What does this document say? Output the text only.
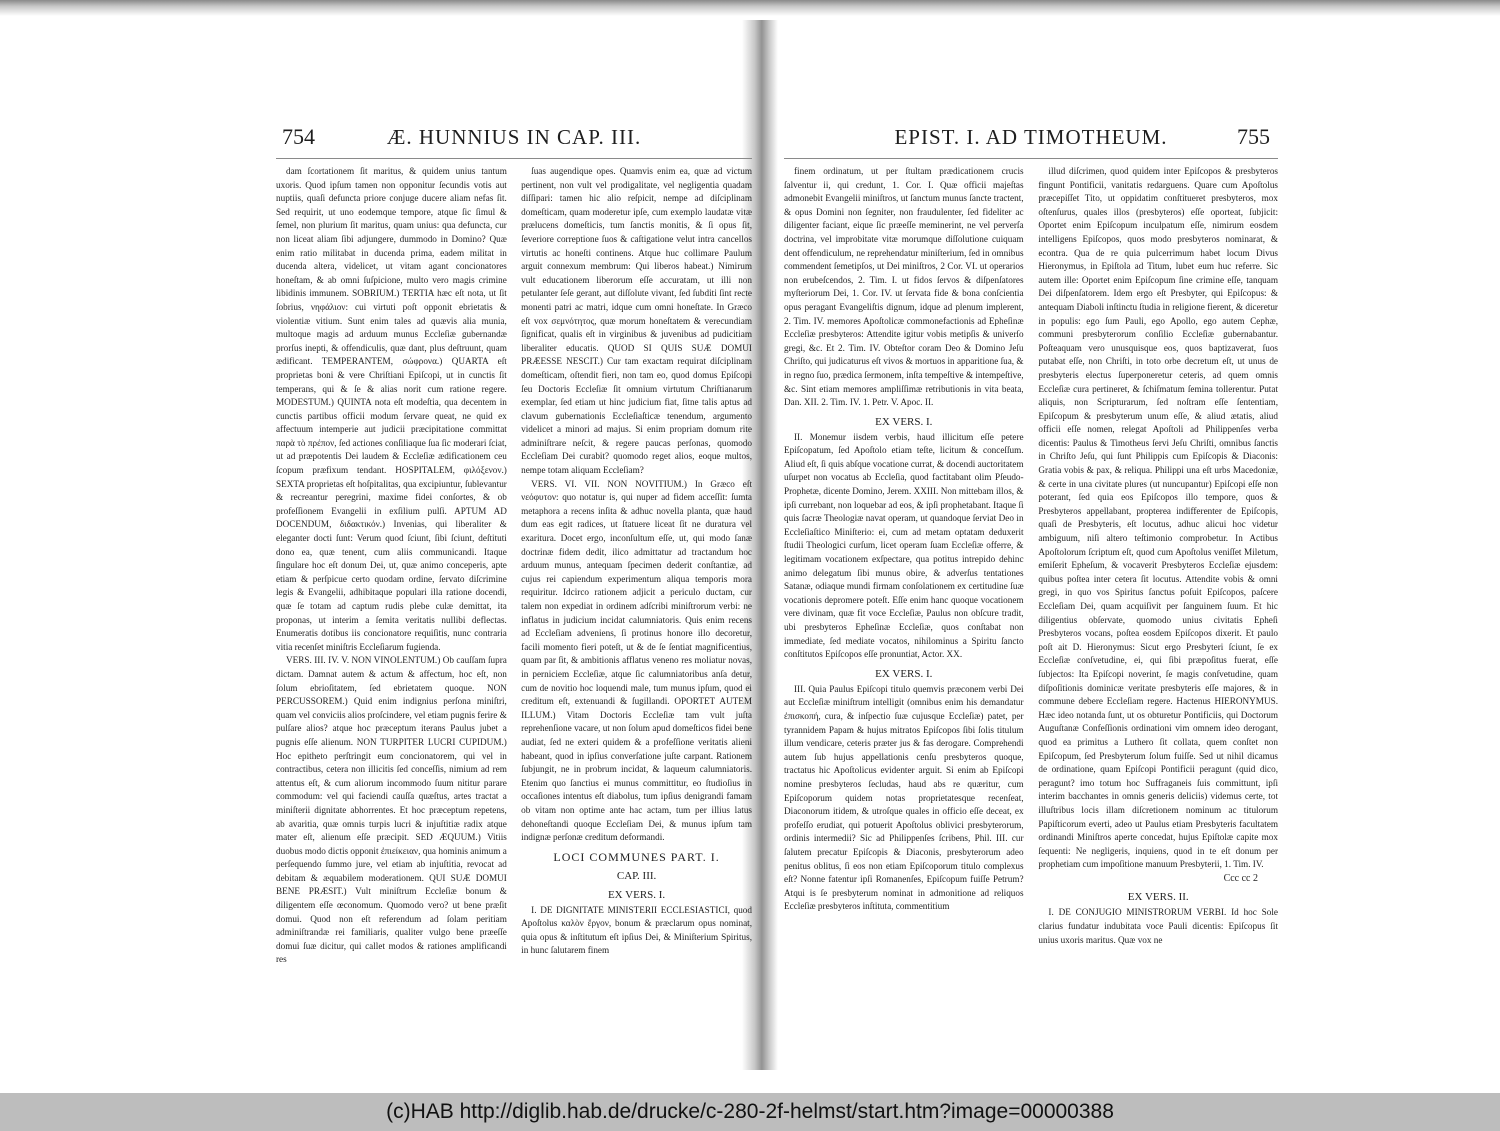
754	Æ. HUNNIUS IN CAP. III.

dam ſcortationem ſit maritus, & quidem unius tantum uxoris. Quod ipſum tamen non opponitur ſecundis votis aut nuptiis, quaſi defuncta priore conjuge ducere aliam nefas ſit. Sed requirit, ut uno eodemque tempore, atque ſic ſimul & ſemel, non plurium ſit maritus, quam unius: qua defuncta, cur non liceat aliam ſibi adjungere, dummodo in Domino? Quæ enim ratio militabat in ducenda prima, eadem militat in ducenda altera, videlicet, ut vitam agant concionatores honeſtam, & ab omni ſuſpicione, multo vero magis crimine libidinis immunem. SOBRIUM.) TERTIA hæc eſt nota, ut ſit ſobrius, νηφάλιον: cui virtuti poſt opponit ebrietatis & violentiæ vitium. Sunt enim tales ad quævis alia munia, multoque magis ad arduum munus Eccleſiæ gubernandæ prorſus inepti, & offendiculis, quæ dant, plus deſtruunt, quam ædificant. TEMPERANTEM, σώφρονα.) QUARTA eſt proprietas boni & vere Chriſtiani Epiſcopi, ut in cunctis ſit temperans, qui & ſe & alias norit cum ratione regere. MODESTUM.) QUINTA nota eſt modeſtia, qua decentem in cunctis partibus officii modum ſervare queat, ne quid ex affectuum intemperie aut judicii præcipitatione committat παρὰ τὸ πρέπον, ſed actiones conſiliaque ſua ſic moderari ſciat, ut ad præpotentis Dei laudem & Eccleſiæ ædificationem ceu ſcopum præfixum tendant. HOSPITALEM, φιλόξενον.) SEXTA proprietas eſt hoſpitalitas, qua excipiuntur, ſublevantur & recreantur peregrini, maxime fidei conſortes, & ob profeſſionem Evangelii in exſilium pulſi. APTUM AD DOCENDUM, διδακτικόν.) Invenias, qui liberaliter & eleganter docti ſunt: Verum quod ſciunt, ſibi ſciunt, deſtituti dono ea, quæ tenent, cum aliis communicandi. Itaque ſingulare hoc eſt donum Dei, ut, quæ animo conceperis, apte etiam & perſpicue certo quodam ordine, ſervato diſcrimine legis & Evangelii, adhibitaque populari illa ratione docendi, quæ ſe totam ad captum rudis plebe culæ demittat, ita proponas, ut interim a ſemita veritatis nullibi deflectas. Enumeratis dotibus iis concionatore requiſitis, nunc contraria vitia recenſet miniſtris Eccleſiarum fugienda.

VERS. III. IV. V. NON VINOLENTUM.) Ob cauſſam ſupra dictam. Damnat autem & actum & affectum, hoc eſt, non ſolum ebrioſitatem, ſed ebrietatem quoque. NON PERCUSSOREM.) Quid enim indignius perſona miniſtri, quam vel conviciis alios proſcindere, vel etiam pugnis ferire & pulſare alios? atque hoc præceptum iterans Paulus jubet a pugnis eſſe alienum. NON TURPITER LUCRI CUPIDUM.) Hoc epitheto perſtringit eum concionatorem, qui vel in contractibus, cetera non illicitis ſed conceſſis, nimium ad rem attentus eſt, & cum aliorum incommodo ſuum nititur parare commodum: vel qui faciendi cauſſa quæſtus, artes tractat a miniſterii dignitate abhorrentes. Et hoc præceptum repetens, ab avaritia, quæ omnis turpis lucri & injuſtitiæ radix atque mater eſt, alienum eſſe præcipit. SED ÆQUUM.) Vitiis duobus modo dictis opponit ἐπιείκειαν, qua hominis animum a perſequendo ſummo jure, vel etiam ab injuſtitia, revocat ad debitam & æquabilem moderationem. QUI SUÆ DOMUI BENE PRÆSIT.) Vult miniſtrum Eccleſiæ bonum & diligentem eſſe œconomum. Quomodo vero? ut bene præſit domui. Quod non eſt referendum ad ſolam peritiam adminiſtrandæ rei familiaris, qualiter vulgo bene præeſſe domui ſuæ dicitur, qui callet modos & rationes amplificandi res

ſuas augendique opes. Quamvis enim ea, quæ ad victum pertinent, non vult vel prodigalitate, vel negligentia quadam diſſipari: tamen hic alio reſpicit, nempe ad diſciplinam domeſticam, quam moderetur ipſe, cum exemplo laudatæ vitæ prælucens domeſticis, tum ſanctis monitis, & ſi opus ſit, ſeveriore correptione ſuos & caſtigatione velut intra cancellos virtutis ac honeſti continens. Atque huc collimare Paulum arguit connexum membrum: Qui liberos habeat.) Nimirum vult educationem liberorum eſſe accuratam, ut illi non petulanter ſeſe gerant, aut diſſolute vivant, ſed ſubditi ſint recte monenti patri ac matri, idque cum omni honeſtate. In Græco eſt vox σεμνότητος, quæ morum honeſtatem & verecundiam ſignificat, qualis eſt in virginibus & juvenibus ad pudicitiam liberaliter educatis. QUOD SI QUIS SUÆ DOMUI PRÆESSE NESCIT.) Cur tam exactam requirat diſciplinam domeſticam, oſtendit fieri, non tam eo, quod domus Epiſcopi ſeu Doctoris Eccleſiæ ſit omnium virtutum Chriſtianarum exemplar, ſed etiam ut hinc judicium fiat, ſitne talis aptus ad clavum gubernationis Eccleſiaſticæ tenendum, argumento videlicet a minori ad majus. Si enim propriam domum rite adminiſtrare neſcit, & regere paucas perſonas, quomodo Eccleſiam Dei curabit? quomodo reget alios, eoque multos, nempe totam aliquam Eccleſiam?

VERS. VI. VII. NON NOVITIUM.) In Græco eſt νεόφυτον: quo notatur is, qui nuper ad fidem acceſſit: ſumta metaphora a recens inſita & adhuc novella planta, quæ haud dum eas egit radices, ut ſtatuere liceat ſit ne duratura vel exaritura. Docet ergo, inconſultum eſſe, ut, qui modo ſanæ doctrinæ fidem dedit, ilico admittatur ad tractandum hoc arduum munus, antequam ſpecimen dederit conſtantiæ, ad cujus rei capiendum experimentum aliqua temporis mora requiritur. Idcirco rationem adjicit a periculo ductam, cur talem non expediat in ordinem adſcribi miniſtrorum verbi: ne inflatus in judicium incidat calumniatoris. Quis enim recens ad Eccleſiam adveniens, ſi protinus honore illo decoretur, facili momento fieri poteſt, ut & de ſe ſentiat magnificentius, quam par ſit, & ambitionis afflatus veneno res moliatur novas, in perniciem Eccleſiæ, atque ſic calumniatoribus anſa detur, cum de novitio hoc loquendi male, tum munus ipſum, quod ei creditum eſt, extenuandi & ſugillandi. OPORTET AUTEM ILLUM.) Vitam Doctoris Eccleſiæ tam vult juſta reprehenſione vacare, ut non ſolum apud domeſticos fidei bene audiat, ſed ne exteri quidem & a profeſſione veritatis alieni habeant, quod in ipſius converſatione juſte carpant. Rationem ſubjungit, ne in probrum incidat, & laqueum calumniatoris. Etenim quo ſanctius ei munus committitur, eo ſtudioſius in occaſiones intentus eſt diabolus, tum ipſius denigrandi famam ob vitam non optime ante hac actam, tum per illius latus dehoneſtandi quoque Eccleſiam Dei, & munus ipſum tam indignæ perſonæ creditum deformandi.

LOCI COMMUNES PART. I.
CAP. III.
EX VERS. I.

I. DE DIGNITATE MINISTERII ECCLESIASTICI, quod Apoſtolus καλὸν ἔργον, bonum & præclarum opus nominat, quia opus & inſtitutum eſt ipſius Dei, & Miniſterium Spiritus, in hunc ſalutarem finem

EPIST. I. AD TIMOTHEUM.	755

finem ordinatum, ut per ſtultam prædicationem crucis ſalventur ii, qui credunt, 1. Cor. I. Quæ officii majeſtas admonebit Evangelii miniſtros, ut ſanctum munus ſancte tractent, & opus Domini non ſegniter, non fraudulenter, ſed fideliter ac diligenter faciant, eique ſic præeſſe meminerint, ne vel perverſa doctrina, vel improbitate vitæ morumque diſſolutione cuiquam dent offendiculum, ne reprehendatur miniſterium, ſed in omnibus commendent ſemetipſos, ut Dei miniſtros, 2 Cor. VI. ut operarios non erubeſcendos, 2. Tim. I. ut fidos ſervos & diſpenſatores myſteriorum Dei, 1. Cor. IV. ut ſervata fide & bona conſcientia opus peragant Evangeliſtis dignum, idque ad plenum implerent, 2. Tim. IV. memores Apoſtolicæ commonefactionis ad Epheſinæ Eccleſiæ presbyteros: Attendite igitur vobis metipſis & univerſo gregi, &c. Et 2. Tim. IV. Obteſtor coram Deo & Domino Jeſu Chriſto, qui judicaturus eſt vivos & mortuos in apparitione ſua, & in regno ſuo, prædica ſermonem, inſta tempeſtive & intempeſtive, &c. Sint etiam memores ampliſſimæ retributionis in vita beata, Dan. XII. 2. Tim. IV. 1. Petr. V. Apoc. II.

EX VERS. I.

II. Monemur iisdem verbis, haud illicitum eſſe petere Epiſcopatum, ſed Apoſtolo etiam teſte, licitum & conceſſum. Aliud eſt, ſi quis abſque vocatione currat, & docendi auctoritatem uſurpet non vocatus ab Eccleſia, quod factitabant olim Pſeudo-Prophetæ, dicente Domino, Jerem. XXIII. Non mittebam illos, & ipſi currebant, non loquebar ad eos, & ipſi prophetabant. Itaque ſi quis ſacræ Theologiæ navat operam, ut quandoque ſerviat Deo in Eccleſiaſtico Miniſterio: ei, cum ad metam optatam deduxerit ſtudii Theologici curſum, licet operam ſuam Eccleſiæ offerre, & legitimam vocationem exſpectare, qua potitus intrepido dehinc animo delegatum ſibi munus obire, & adverſus tentationes Satanæ, odiaque mundi firmam conſolationem ex certitudine ſuæ vocationis depromere poteſt. Eſſe enim hanc quoque vocationem vere divinam, quæ fit voce Eccleſiæ, Paulus non obſcure tradit, ubi presbyteros Epheſinæ Eccleſiæ, quos conſtabat non immediate, ſed mediate vocatos, nihilominus a Spiritu ſancto conſtitutos Epiſcopos eſſe pronuntiat, Actor. XX.

EX VERS. I.

III. Quia Paulus Epiſcopi titulo quemvis præconem verbi Dei aut Eccleſiæ miniſtrum intelligit (omnibus enim his demandatur ἐπισκοπή, cura, & inſpectio ſuæ cujusque Eccleſiæ) patet, per tyrannidem Papam & hujus mitratos Epiſcopos ſibi ſolis titulum illum vendicare, ceteris præter jus & fas derogare. Comprehendi autem ſub hujus appellationis cenſu presbyteros quoque, tractatus hic Apoſtolicus evidenter arguit. Si enim ab Epiſcopi nomine presbyteros ſecludas, haud abs re quæritur, cum Epiſcoporum quidem notas proprietatesque recenſeat, Diaconorum itidem, & utroſque quales in officio eſſe deceat, ex profeſſo erudiat, qui potuerit Apoſtolus oblivici presbyterorum, ordinis intermedii? Sic ad Philippenſes ſcribens, Phil. III. cur ſalutem precatur Epiſcopis & Diaconis, presbyterorum adeo penitus oblitus, ſi eos non etiam Epiſcoporum titulo complexus eſt? Nonne fatentur ipſi Romanenſes, Epiſcopum fuiſſe Petrum? Atqui is ſe presbyterum nominat in admonitione ad reliquos Eccleſiæ presbyteros inſtituta, commentitium

illud diſcrimen, quod quidem inter Epiſcopos & presbyteros fingunt Pontificii, vanitatis redarguens. Quare cum Apoſtolus præcepiſſet Tito, ut oppidatim conſtitueret presbyteros, mox oſtenſurus, quales illos (presbyteros) eſſe oporteat, ſubjicit: Oportet enim Epiſcopum inculpatum eſſe, nimirum eosdem intelligens Epiſcopos, quos modo presbyteros nominarat, & econtra. Qua de re quia pulcerrimum habet locum Divus Hieronymus, in Epiſtola ad Titum, lubet eum huc referre. Sic autem ille: Oportet enim Epiſcopum ſine crimine eſſe, tanquam Dei diſpenſatorem. Idem ergo eſt Presbyter, qui Epiſcopus: & antequam Diaboli inſtinctu ſtudia in religione fierent, & diceretur in populis: ego ſum Pauli, ego Apollo, ego autem Cephæ, communi presbyterorum conſilio Eccleſiæ gubernabantur. Poſteaquam vero unusquisque eos, quos baptizaverat, ſuos putabat eſſe, non Chriſti, in toto orbe decretum eſt, ut unus de presbyteris electus ſuperponeretur ceteris, ad quem omnis Eccleſiæ cura pertineret, & ſchiſmatum ſemina tollerentur. Putat aliquis, non Scripturarum, ſed noſtram eſſe ſententiam, Epiſcopum & presbyterum unum eſſe, & aliud ætatis, aliud officii eſſe nomen, relegat Apoſtoli ad Philippenſes verba dicentis: Paulus & Timotheus ſervi Jeſu Chriſti, omnibus ſanctis in Chriſto Jeſu, qui ſunt Philippis cum Epiſcopis & Diaconis: Gratia vobis & pax, & reliqua. Philippi una eſt urbs Macedoniæ, & certe in una civitate plures (ut nuncupantur) Epiſcopi eſſe non poterant, ſed quia eos Epiſcopos illo tempore, quos & Presbyteros appellabant, propterea indifferenter de Epiſcopis, quaſi de Presbyteris, eſt locutus, adhuc alicui hoc videtur ambiguum, niſi altero teſtimonio comprobetur. In Actibus Apoſtolorum ſcriptum eſt, quod cum Apoſtolus veniſſet Miletum, emiſerit Epheſum, & vocaverit Presbyteros Eccleſiæ ejusdem: quibus poſtea inter cetera ſit locutus. Attendite vobis & omni gregi, in quo vos Spiritus ſanctus poſuit Epiſcopos, paſcere Eccleſiam Dei, quam acquiſivit per ſanguinem ſuum. Et hic diligentius obſervate, quomodo unius civitatis Epheſi Presbyteros vocans, poſtea eosdem Epiſcopos dixerit. Et paulo poſt ait D. Hieronymus: Sicut ergo Presbyteri ſciunt, ſe ex Eccleſiæ conſvetudine, ei, qui ſibi præpoſitus fuerat, eſſe ſubjectos: Ita Epiſcopi noverint, ſe magis conſvetudine, quam diſpoſitionis dominicæ veritate presbyteris eſſe majores, & in commune debere Eccleſiam regere. Hactenus HIERONYMUS. Hæc ideo notanda ſunt, ut os obturetur Pontificiis, qui Doctorum Auguſtanæ Confeſſionis ordinationi vim omnem ideo derogant, quod ea primitus a Luthero ſit collata, quem conſtet non Epiſcopum, ſed Presbyterum ſolum fuiſſe. Sed ut nihil dicamus de ordinatione, quam Epiſcopi Pontificii peragunt (quid dico, peragunt? imo totum hoc Suffraganeis ſuis committunt, ipſi interim bacchantes in omnis generis deliciis) videmus certe, tot illuſtribus locis illam diſcretionem nominum ac titulorum Papiſticorum everti, adeo ut Paulus etiam Presbyteris facultatem ordinandi Miniſtros aperte concedat, hujus Epiſtolæ capite mox ſequenti: Ne negligeris, inquiens, quod in te eſt donum per prophetiam cum impoſitione manuum Presbyterii, 1. Tim. IV.

Ccc cc 2
EX VERS. II.

I. DE CONJUGIO MINISTRORUM VERBI. Id hoc Sole clarius fundatur indubitata voce Pauli dicentis: Epiſcopus ſit unius uxoris maritus. Quæ vox ne

(c)HAB http://diglib.hab.de/drucke/c-280-2f-helmst/start.htm?image=00000388
